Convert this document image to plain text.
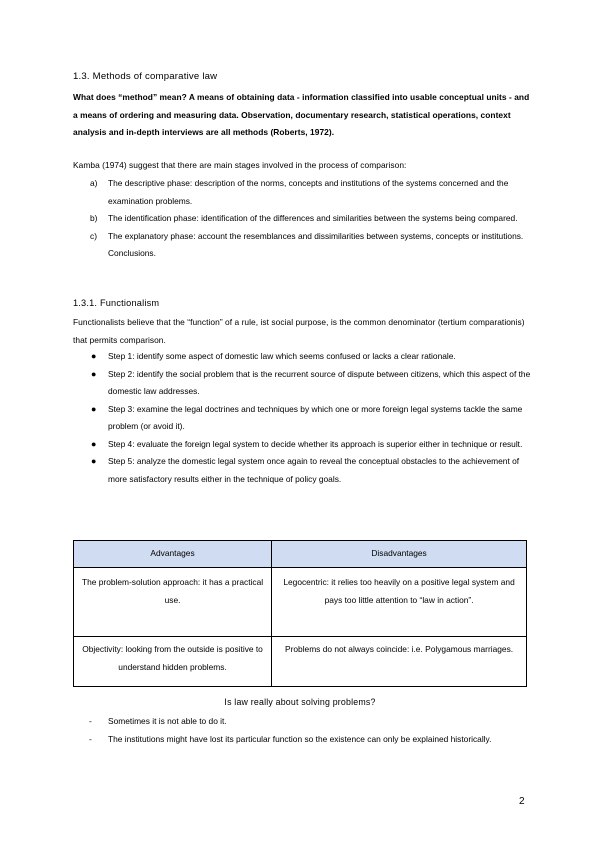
1.3. Methods of comparative law
What does “method” mean? A means of obtaining data - information classified into usable conceptual units - and a means of ordering and measuring data. Observation, documentary research, statistical operations, context analysis and in-depth interviews are all methods (Roberts, 1972).
Kamba (1974) suggest that there are main stages involved in the process of comparison:
a) The descriptive phase: description of the norms, concepts and institutions of the systems concerned and the examination problems.
b) The identification phase: identification of the differences and similarities between the systems being compared.
c) The explanatory phase: account the resemblances and dissimilarities between systems, concepts or institutions. Conclusions.
1.3.1. Functionalism
Functionalists believe that the “function” of a rule, ist social purpose, is the common denominator (tertium comparationis) that permits comparison.
● Step 1: identify some aspect of domestic law which seems confused or lacks a clear rationale.
● Step 2: identify the social problem that is the recurrent source of dispute between citizens, which this aspect of the domestic law addresses.
● Step 3: examine the legal doctrines and techniques by which one or more foreign legal systems tackle the same problem (or avoid it).
● Step 4: evaluate the foreign legal system to decide whether its approach is superior either in technique or result.
● Step 5: analyze the domestic legal system once again to reveal the conceptual obstacles to the achievement of more satisfactory results either in the technique of policy goals.
Advantages	Disadvantages
The problem-solution approach: it has a practical use.	Legocentric: it relies too heavily on a positive legal system and pays too little attention to “law in action”.
Objectivity: looking from the outside is positive to understand hidden problems.	Problems do not always coincide: i.e. Polygamous marriages.
Is law really about solving problems?
- Sometimes it is not able to do it.
- The institutions might have lost its particular function so the existence can only be explained historically.
2
